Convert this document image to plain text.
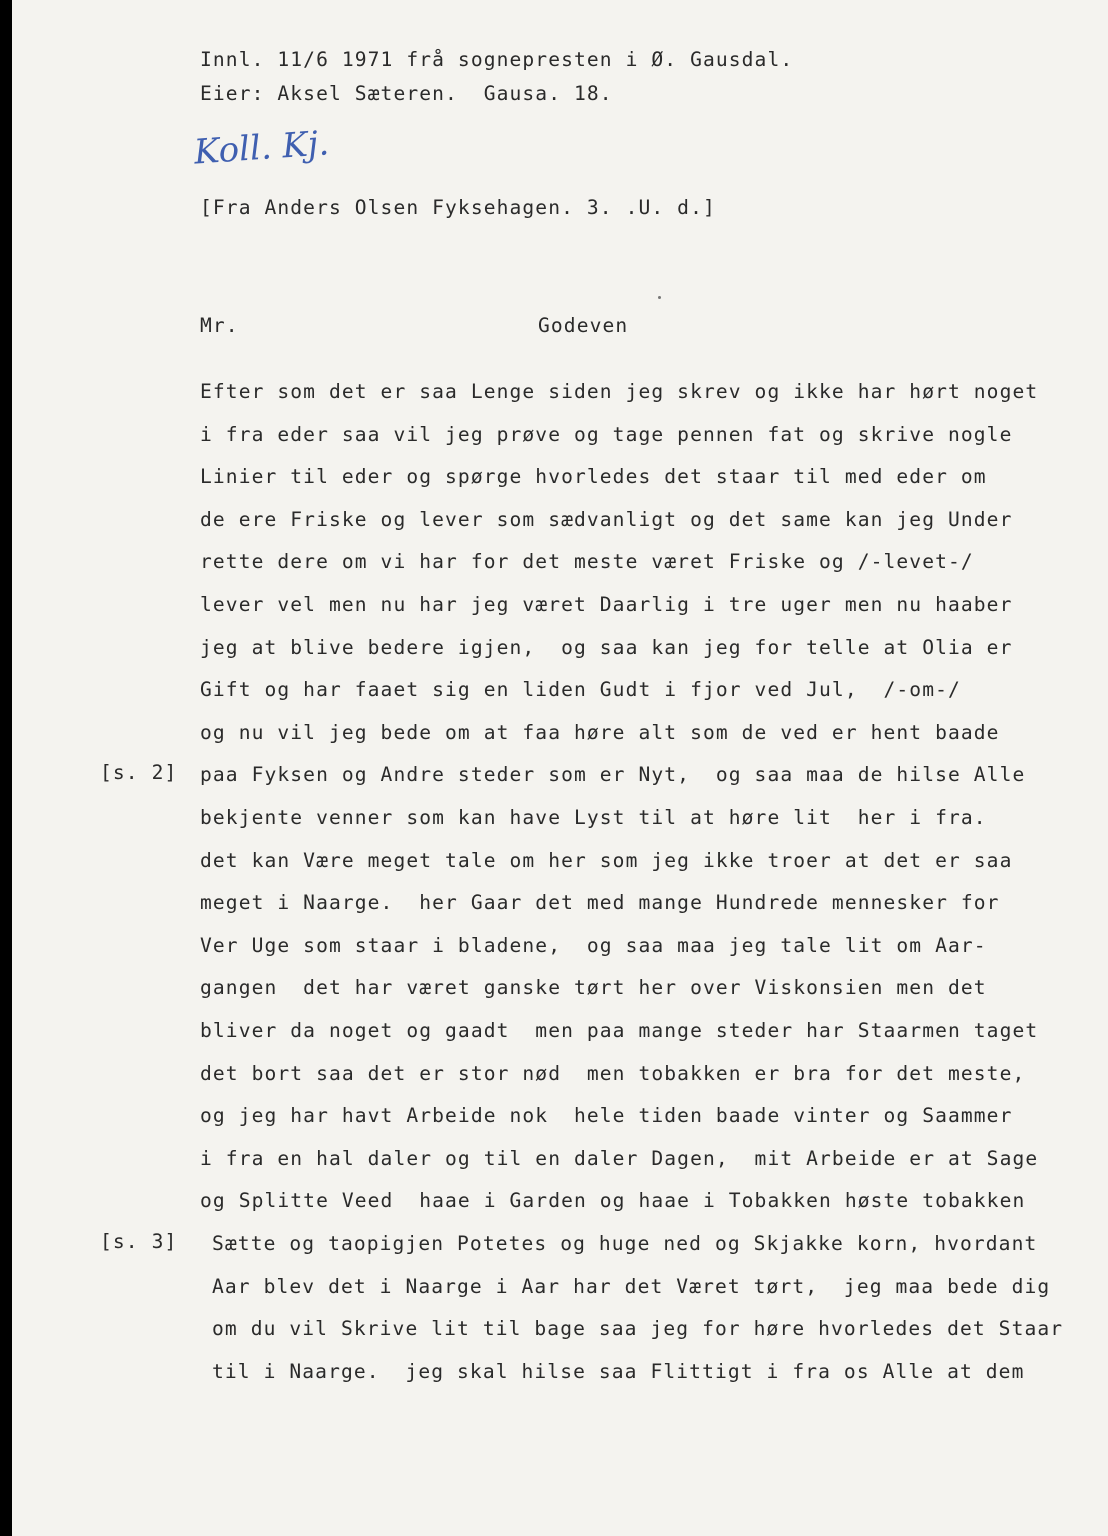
Innl. 11/6 1971 frå sognepresten i Ø. Gausdal.
Eier: Aksel Sæteren.  Gausa. 18.
Koll. Kj.
[Fra Anders Olsen Fyksehagen. 3. .U. d.]
Mr.	Godeven
Efter som det er saa Lenge siden jeg skrev og ikke har hørt noget
i fra eder saa vil jeg prøve og tage pennen fat og skrive nogle
Linier til eder og spørge hvorledes det staar til med eder om
de ere Friske og lever som sædvanligt og det same kan jeg Under
rette dere om vi har for det meste været Friske og /-levet-/
lever vel men nu har jeg været Daarlig i tre uger men nu haaber
jeg at blive bedere igjen,  og saa kan jeg for telle at Olia er
Gift og har faaet sig en liden Gudt i fjor ved Jul,  /-om-/
og nu vil jeg bede om at faa høre alt som de ved er hent baade
paa Fyksen og Andre steder som er Nyt,  og saa maa de hilse Alle
bekjente venner som kan have Lyst til at høre lit  her i fra.
det kan Være meget tale om her som jeg ikke troer at det er saa
meget i Naarge.  her Gaar det med mange Hundrede mennesker for
Ver Uge som staar i bladene,  og saa maa jeg tale lit om Aar-
gangen  det har været ganske tørt her over Viskonsien men det
bliver da noget og gaadt  men paa mange steder har Staarmen taget
det bort saa det er stor nød  men tobakken er bra for det meste,
og jeg har havt Arbeide nok  hele tiden baade vinter og Saammer
i fra en hal daler og til en daler Dagen,  mit Arbeide er at Sage
og Splitte Veed  haae i Garden og haae i Tobakken høste tobakken
Sætte og taopigjen Potetes og huge ned og Skjakke korn, hvordant
Aar blev det i Naarge i Aar har det Været tørt,  jeg maa bede dig
om du vil Skrive lit til bage saa jeg for høre hvorledes det Staar
til i Naarge.  jeg skal hilse saa Flittigt i fra os Alle at dem
[s. 2]
[s. 3]
